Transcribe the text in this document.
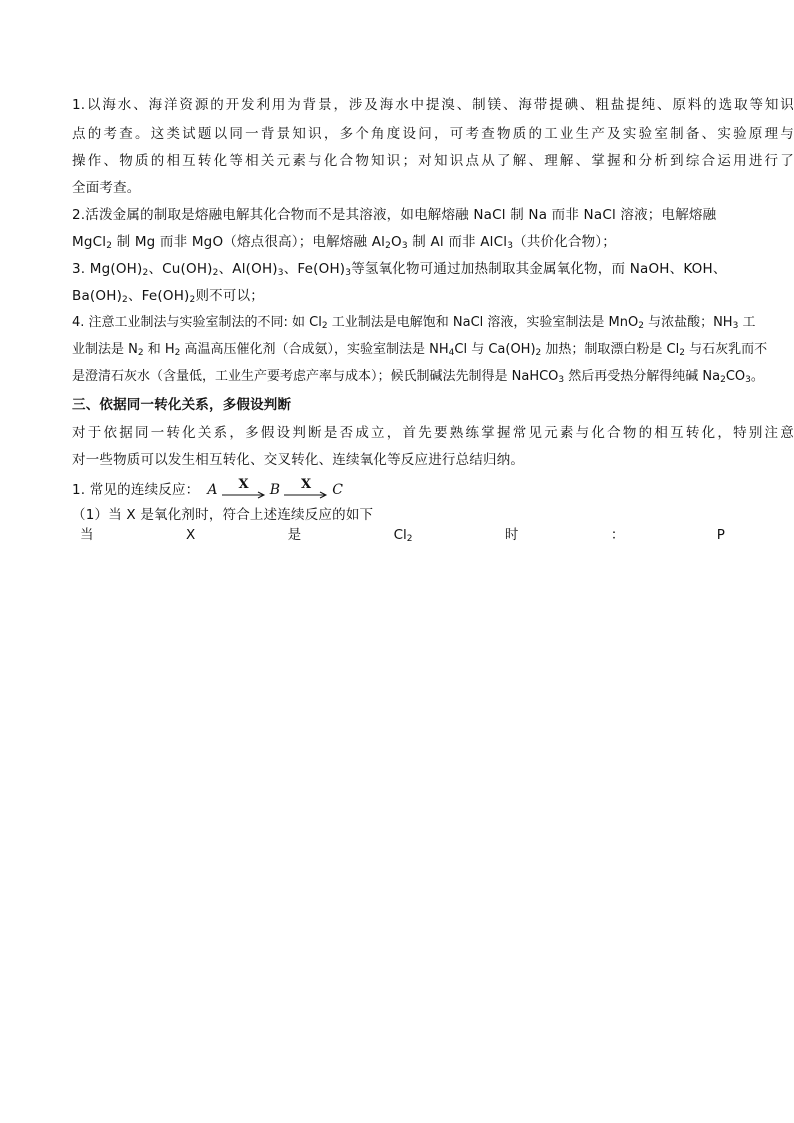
1.以海水、海洋资源的开发利用为背景，涉及海水中提溴、制镁、海带提碘、粗盐提纯、原料的选取等知识
点的考查。这类试题以同一背景知识，多个角度设问，可考查物质的工业生产及实验室制备、实验原理与
操作、物质的相互转化等相关元素与化合物知识；对知识点从了解、理解、掌握和分析到综合运用进行了
全面考查。
2.活泼金属的制取是熔融电解其化合物而不是其溶液，如电解熔融 NaCl 制 Na 而非 NaCl 溶液；电解熔融
MgCl$_2$ 制 Mg 而非 MgO（熔点很高）；电解熔融 $Al_2O_3$ 制 Al 而非 AlCl$_3$（共价化合物）；
3. $Mg(OH)_2$、$Cu(OH)_2$、$Al(OH)_3$、$Fe(OH)_3$等氢氧化物可通过加热制取其金属氧化物，而 NaOH、KOH、
$Ba(OH)_2$、$Fe(OH)_2$则不可以；
4. 注意工业制法与实验室制法的不同: 如 $Cl_2$ 工业制法是电解饱和 NaCl 溶液，实验室制法是 MnO$_2$ 与浓盐酸；$NH_3$ 工
业制法是 $N_2$ 和 $H_2$ 高温高压催化剂（合成氨），实验室制法是 $NH_4Cl$ 与 $Ca(OH)_2$ 加热；制取漂白粉是 $Cl_2$ 与石灰乳而不
是澄清石灰水（含量低，工业生产要考虑产率与成本）；候氏制碱法先制得是 NaHCO$_3$ 然后再受热分解得纯碱 $Na_2CO_3$。
三、依据同一转化关系，多假设判断
对于依据同一转化关系，多假设判断是否成立，首先要熟练掌握常见元素与化合物的相互转化，特别注意
对一些物质可以发生相互转化、交叉转化、连续氧化等反应进行总结归纳。
1. 常见的连续反应： A X B X C
（1）当 X 是氧化剂时，符合上述连续反应的如下
当	X	是	$Cl_2$	时	：	P
